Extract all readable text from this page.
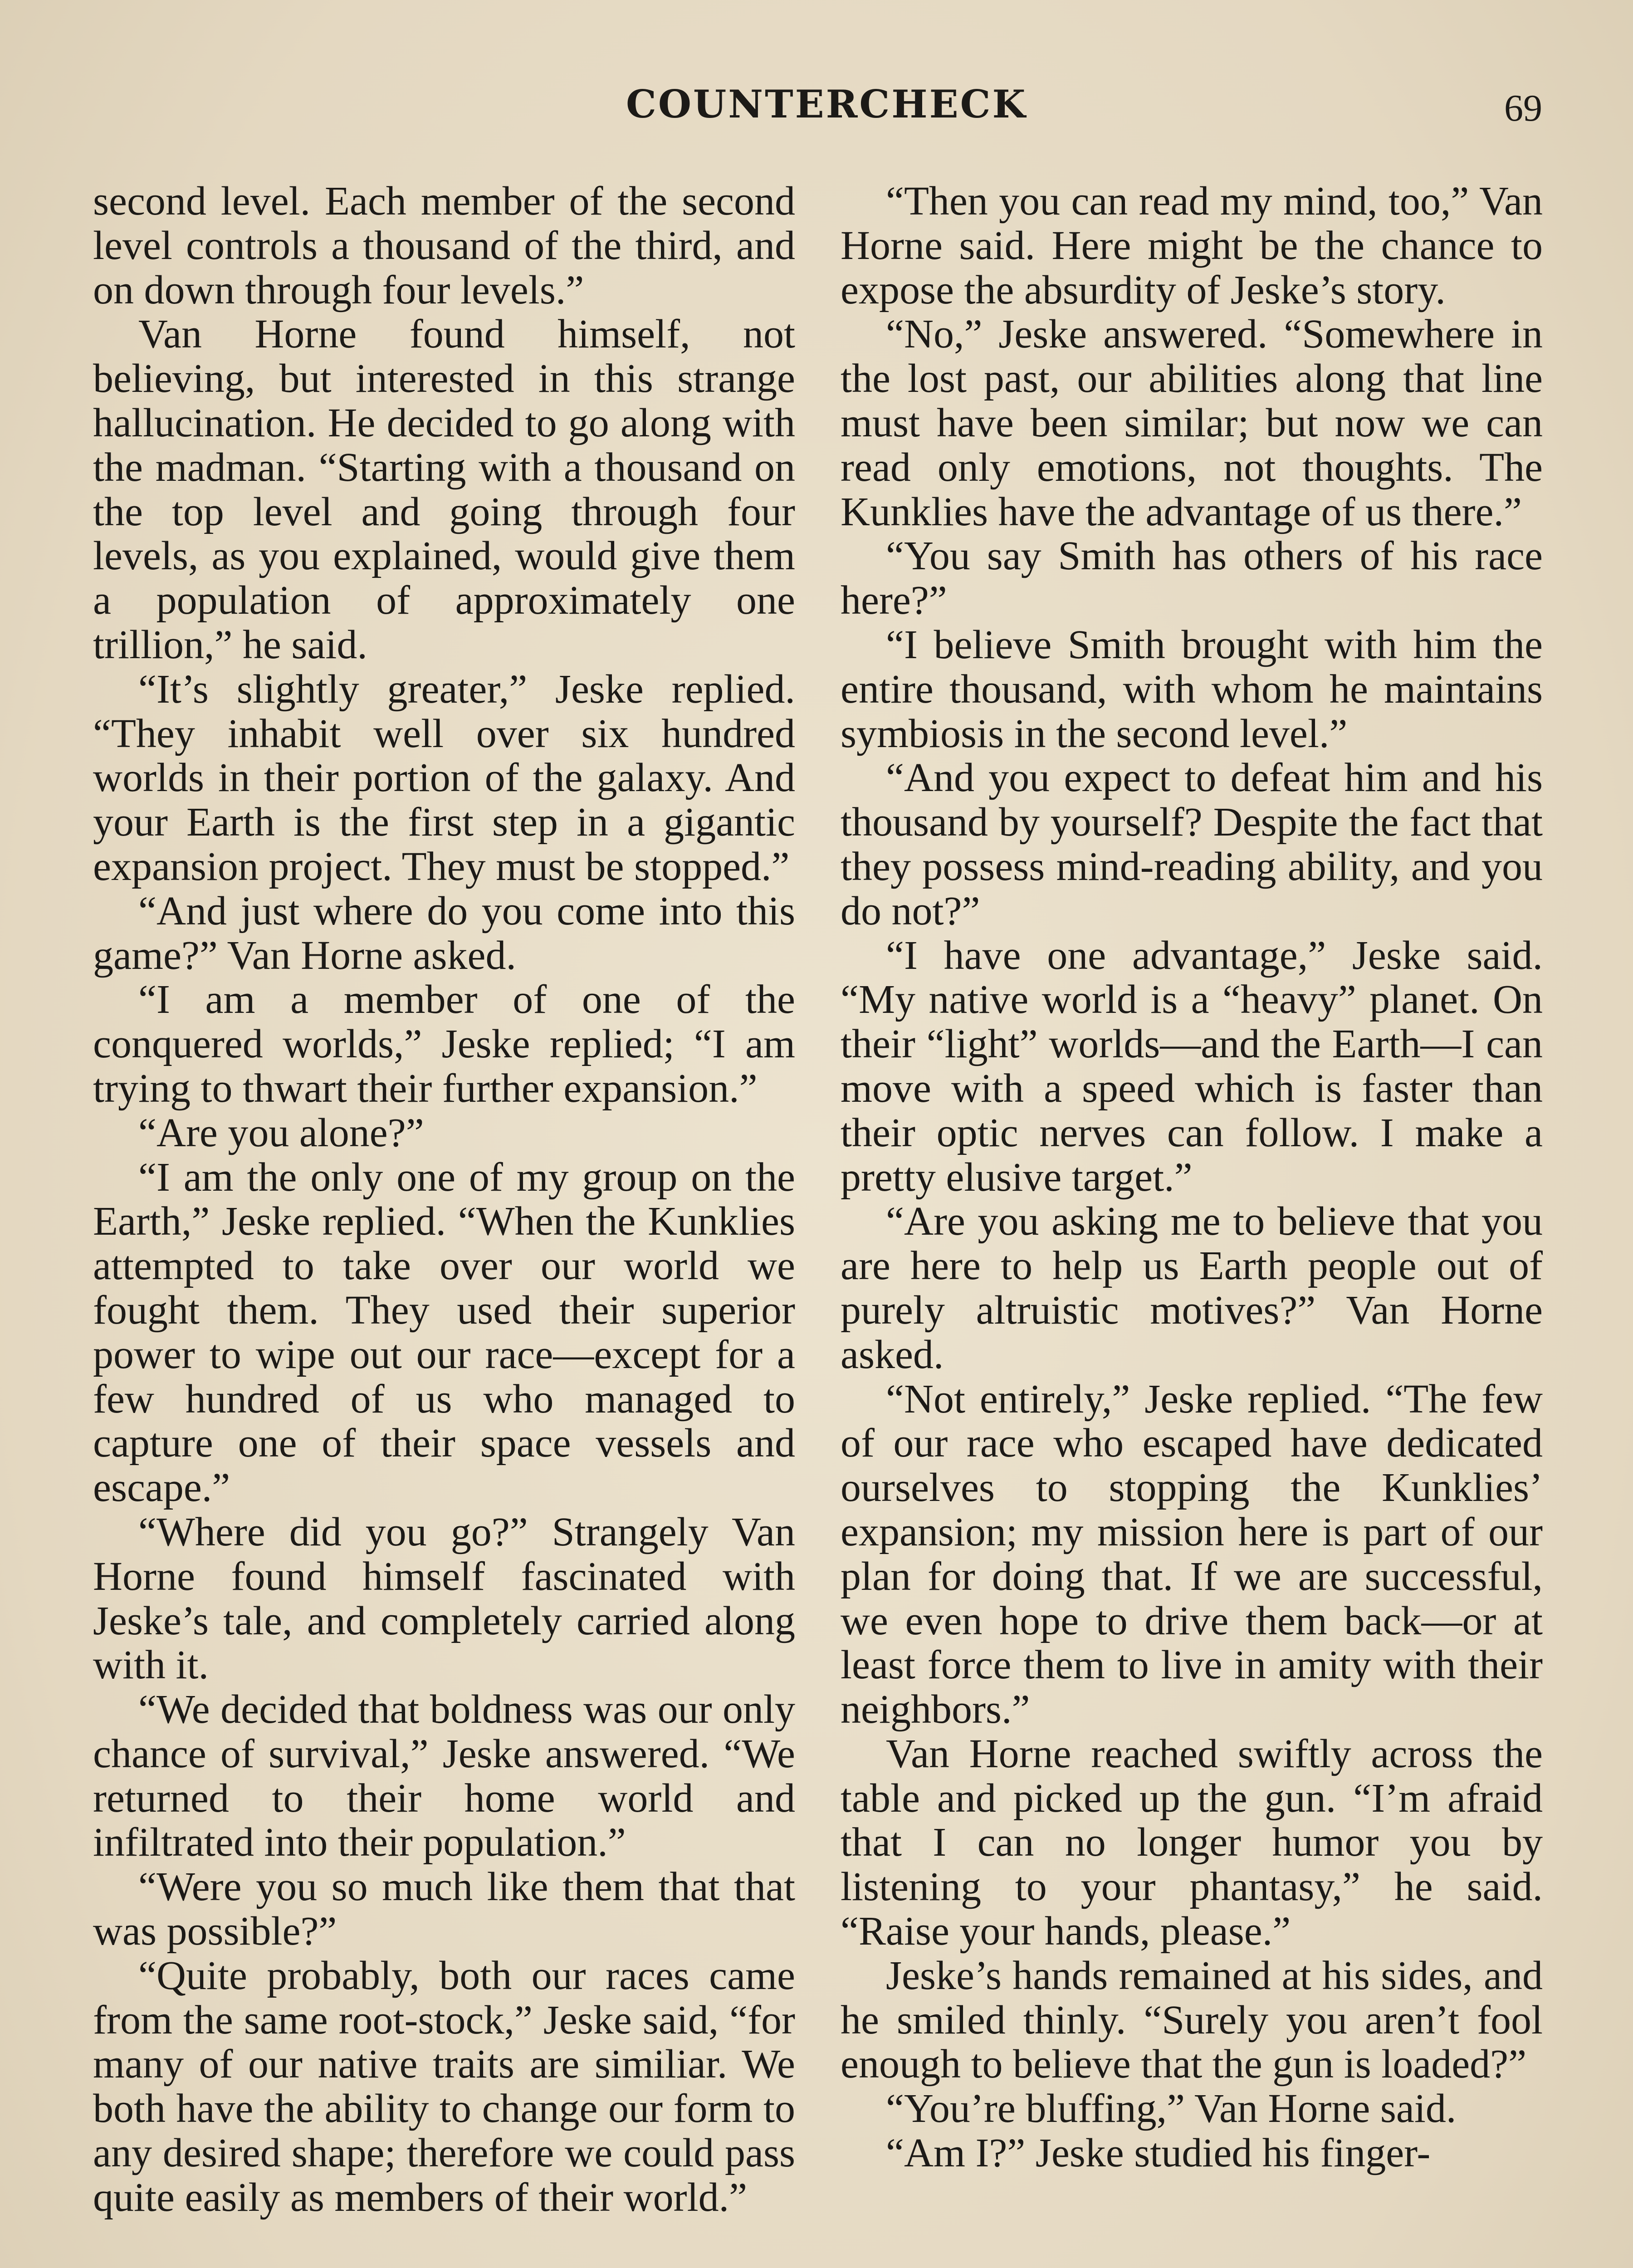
COUNTERCHECK	69

second level. Each member of the second level controls a thousand of the third, and on down through four levels.”

Van Horne found himself, not believing, but interested in this strange hallucination. He decided to go along with the madman. “Starting with a thousand on the top level and going through four levels, as you explained, would give them a population of approximately one trillion,” he said.

“It’s slightly greater,” Jeske replied. “They inhabit well over six hundred worlds in their portion of the galaxy. And your Earth is the first step in a gigantic expansion project. They must be stopped.”

“And just where do you come into this game?” Van Horne asked.

“I am a member of one of the conquered worlds,” Jeske replied; “I am trying to thwart their further expansion.”

“Are you alone?”

“I am the only one of my group on the Earth,” Jeske replied. “When the Kunklies attempted to take over our world we fought them. They used their superior power to wipe out our race—except for a few hundred of us who managed to capture one of their space vessels and escape.”

“Where did you go?” Strangely Van Horne found himself fascinated with Jeske’s tale, and completely carried along with it.

“We decided that boldness was our only chance of survival,” Jeske answered. “We returned to their home world and infiltrated into their population.”

“Were you so much like them that that was possible?”

“Quite probably, both our races came from the same root-stock,” Jeske said, “for many of our native traits are similiar. We both have the ability to change our form to any desired shape; therefore we could pass quite easily as members of their world.”

“Then you can read my mind, too,” Van Horne said. Here might be the chance to expose the absurdity of Jeske’s story.

“No,” Jeske answered. “Somewhere in the lost past, our abilities along that line must have been similar; but now we can read only emotions, not thoughts. The Kunklies have the advantage of us there.”

“You say Smith has others of his race here?”

“I believe Smith brought with him the entire thousand, with whom he maintains symbiosis in the second level.”

“And you expect to defeat him and his thousand by yourself? Despite the fact that they possess mind-reading ability, and you do not?”

“I have one advantage,” Jeske said. “My native world is a “heavy” planet. On their “light” worlds—and the Earth—I can move with a speed which is faster than their optic nerves can follow. I make a pretty elusive target.”

“Are you asking me to believe that you are here to help us Earth people out of purely altruistic motives?” Van Horne asked.

“Not entirely,” Jeske replied. “The few of our race who escaped have dedicated ourselves to stopping the Kunklies’ expansion; my mission here is part of our plan for doing that. If we are successful, we even hope to drive them back—or at least force them to live in amity with their neighbors.”

Van Horne reached swiftly across the table and picked up the gun. “I’m afraid that I can no longer humor you by listening to your phantasy,” he said. “Raise your hands, please.”

Jeske’s hands remained at his sides, and he smiled thinly. “Surely you aren’t fool enough to believe that the gun is loaded?”

“You’re bluffing,” Van Horne said.

“Am I?” Jeske studied his finger-
